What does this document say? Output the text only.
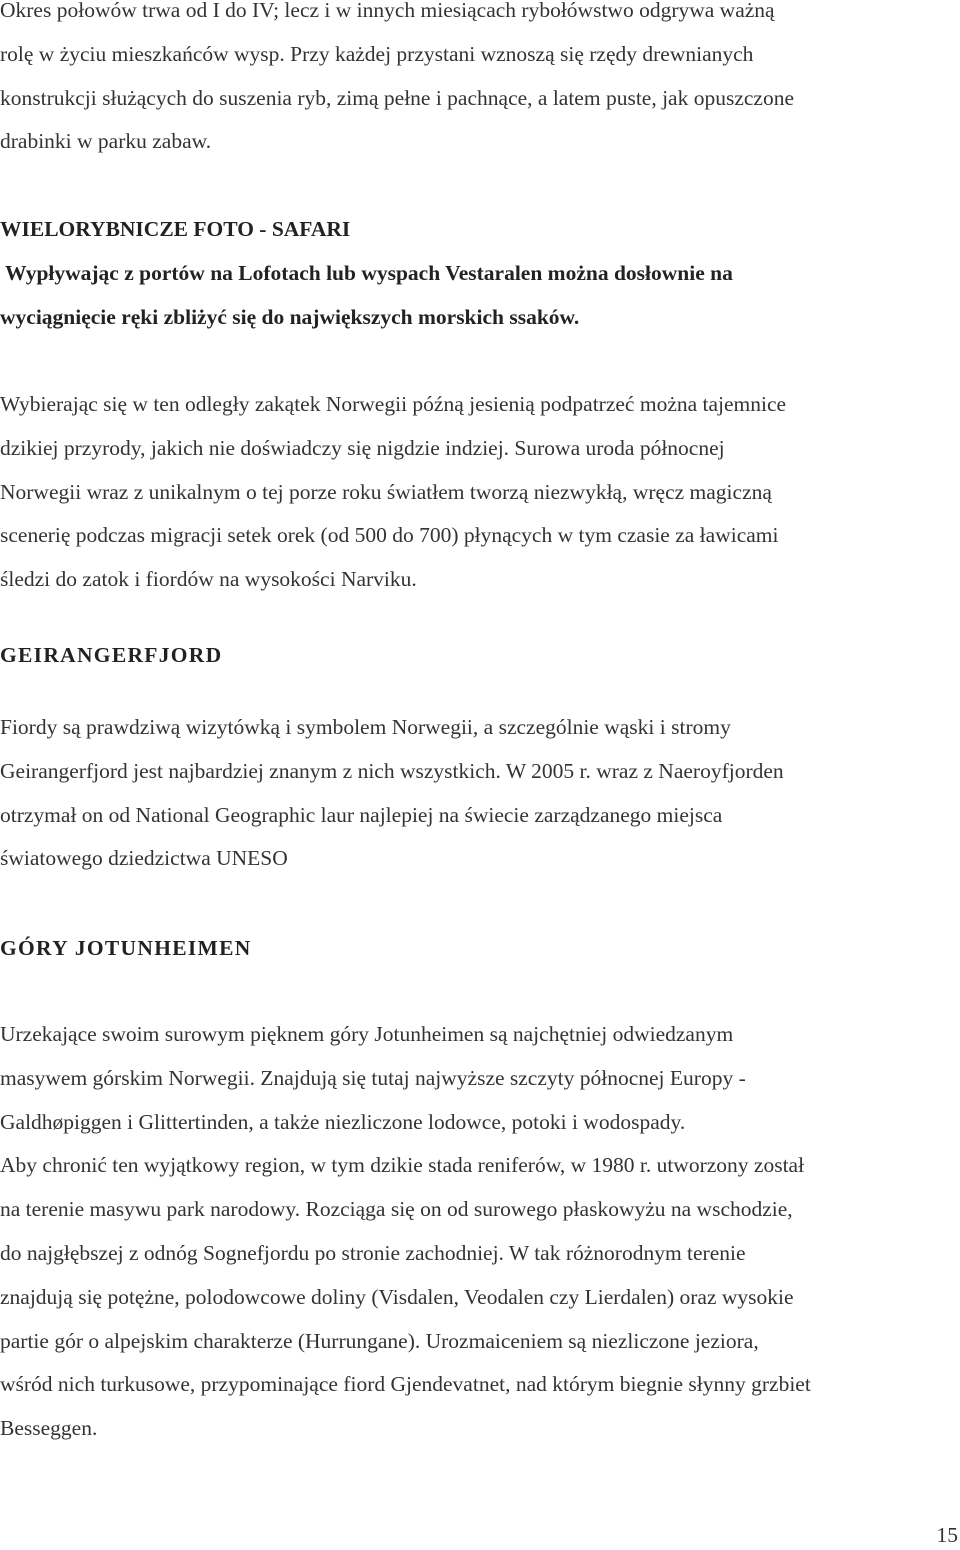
Okres połowów trwa od I do IV; lecz i w innych miesiącach rybołówstwo odgrywa ważną
rolę w życiu mieszkańców wysp. Przy każdej przystani wznoszą się rzędy drewnianych
konstrukcji służących do suszenia ryb, zimą pełne i pachnące, a latem puste, jak opuszczone
drabinki w parku zabaw.
WIELORYBNICZE FOTO - SAFARI
Wypływając z portów na Lofotach lub wyspach Vestaralen można dosłownie na
wyciągnięcie ręki zbliżyć się do największych morskich ssaków.
Wybierając się w ten odległy zakątek Norwegii późną jesienią podpatrzeć można tajemnice
dzikiej przyrody, jakich nie doświadczy się nigdzie indziej. Surowa uroda północnej
Norwegii wraz z unikalnym o tej porze roku światłem tworzą niezwykłą, wręcz magiczną
scenerię podczas migracji setek orek (od 500 do 700) płynących w tym czasie za ławicami
śledzi do zatok i fiordów na wysokości Narviku.
GEIRANGERFJORD
Fiordy są prawdziwą wizytówką i symbolem Norwegii, a szczególnie wąski i stromy
Geirangerfjord jest najbardziej znanym z nich wszystkich. W 2005 r. wraz z Naeroyfjorden
otrzymał on od National Geographic laur najlepiej na świecie zarządzanego miejsca
światowego dziedzictwa UNESO
GÓRY JOTUNHEIMEN
Urzekające swoim surowym pięknem góry Jotunheimen są najchętniej odwiedzanym
masywem górskim Norwegii. Znajdują się tutaj najwyższe szczyty północnej Europy -
Galdhøpiggen i Glittertinden, a także niezliczone lodowce, potoki i wodospady.
Aby chronić ten wyjątkowy region, w tym dzikie stada reniferów, w 1980 r. utworzony został
na terenie masywu park narodowy. Rozciąga się on od surowego płaskowyżu na wschodzie,
do najgłębszej z odnóg Sognefjordu po stronie zachodniej. W tak różnorodnym terenie
znajdują się potężne, polodowcowe doliny (Visdalen, Veodalen czy Lierdalen) oraz wysokie
partie gór o alpejskim charakterze (Hurrungane). Urozmaiceniem są niezliczone jeziora,
wśród nich turkusowe, przypominające fiord Gjendevatnet, nad którym biegnie słynny grzbiet
Besseggen.
15
